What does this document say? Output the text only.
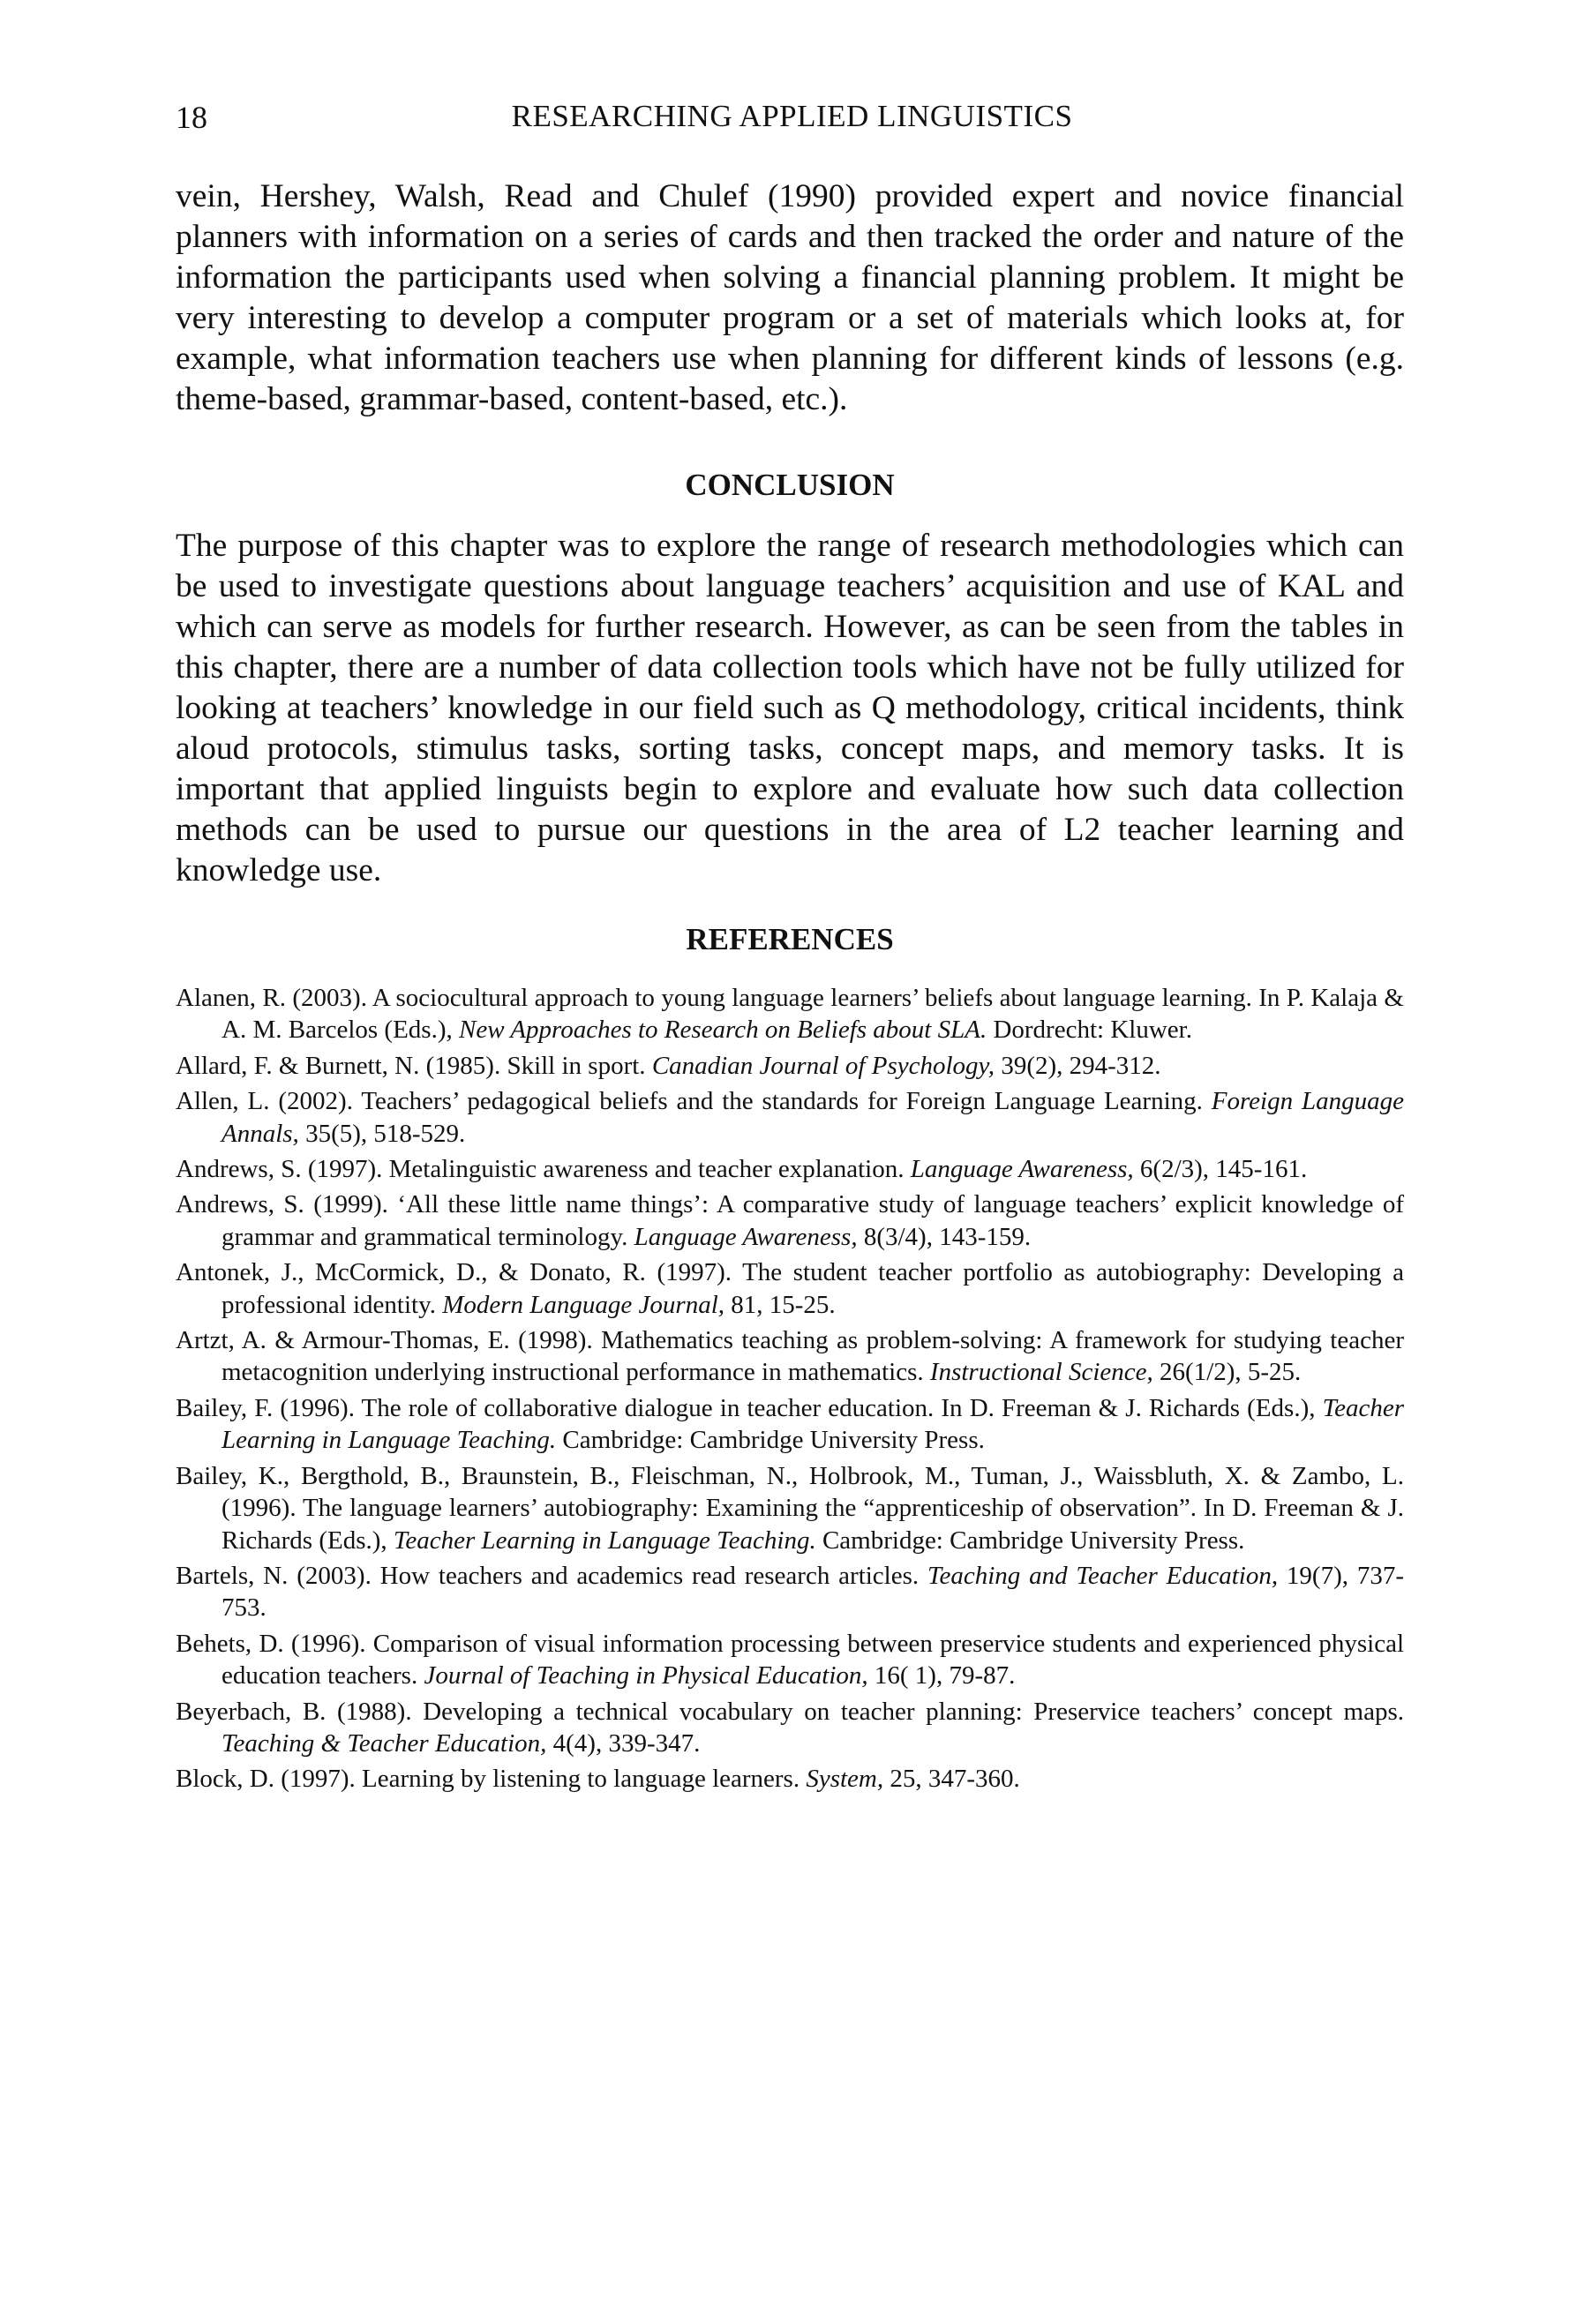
18	RESEARCHING APPLIED LINGUISTICS

vein, Hershey, Walsh, Read and Chulef (1990) provided expert and novice financial planners with information on a series of cards and then tracked the order and nature of the information the participants used when solving a financial planning problem. It might be very interesting to develop a computer program or a set of materials which looks at, for example, what information teachers use when planning for different kinds of lessons (e.g. theme-based, grammar-based, content-based, etc.).

CONCLUSION

The purpose of this chapter was to explore the range of research methodologies which can be used to investigate questions about language teachers’ acquisition and use of KAL and which can serve as models for further research. However, as can be seen from the tables in this chapter, there are a number of data collection tools which have not be fully utilized for looking at teachers’ knowledge in our field such as Q methodology, critical incidents, think aloud protocols, stimulus tasks, sorting tasks, concept maps, and memory tasks. It is important that applied linguists begin to explore and evaluate how such data collection methods can be used to pursue our questions in the area of L2 teacher learning and knowledge use.

REFERENCES
Alanen, R. (2003). A sociocultural approach to young language learners’ beliefs about language learning. In P. Kalaja & A. M. Barcelos (Eds.), New Approaches to Research on Beliefs about SLA. Dordrecht: Kluwer.
Allard, F. & Burnett, N. (1985). Skill in sport. Canadian Journal of Psychology, 39(2), 294-312.
Allen, L. (2002). Teachers’ pedagogical beliefs and the standards for Foreign Language Learning. Foreign Language Annals, 35(5), 518-529.
Andrews, S. (1997). Metalinguistic awareness and teacher explanation. Language Awareness, 6(2/3), 145-161.
Andrews, S. (1999). ‘All these little name things’: A comparative study of language teachers’ explicit knowledge of grammar and grammatical terminology. Language Awareness, 8(3/4), 143-159.
Antonek, J., McCormick, D., & Donato, R. (1997). The student teacher portfolio as autobiography: Developing a professional identity. Modern Language Journal, 81, 15-25.
Artzt, A. & Armour-Thomas, E. (1998). Mathematics teaching as problem-solving: A framework for studying teacher metacognition underlying instructional performance in mathematics. Instructional Science, 26(1/2), 5-25.
Bailey, F. (1996). The role of collaborative dialogue in teacher education. In D. Freeman & J. Richards (Eds.), Teacher Learning in Language Teaching. Cambridge: Cambridge University Press.
Bailey, K., Bergthold, B., Braunstein, B., Fleischman, N., Holbrook, M., Tuman, J., Waissbluth, X. & Zambo, L. (1996). The language learners’ autobiography: Examining the “apprenticeship of observation”. In D. Freeman & J. Richards (Eds.), Teacher Learning in Language Teaching. Cambridge: Cambridge University Press.
Bartels, N. (2003). How teachers and academics read research articles. Teaching and Teacher Education, 19(7), 737-753.
Behets, D. (1996). Comparison of visual information processing between preservice students and experienced physical education teachers. Journal of Teaching in Physical Education, 16( 1), 79-87.
Beyerbach, B. (1988). Developing a technical vocabulary on teacher planning: Preservice teachers’ concept maps. Teaching & Teacher Education, 4(4), 339-347.
Block, D. (1997). Learning by listening to language learners. System, 25, 347-360.
